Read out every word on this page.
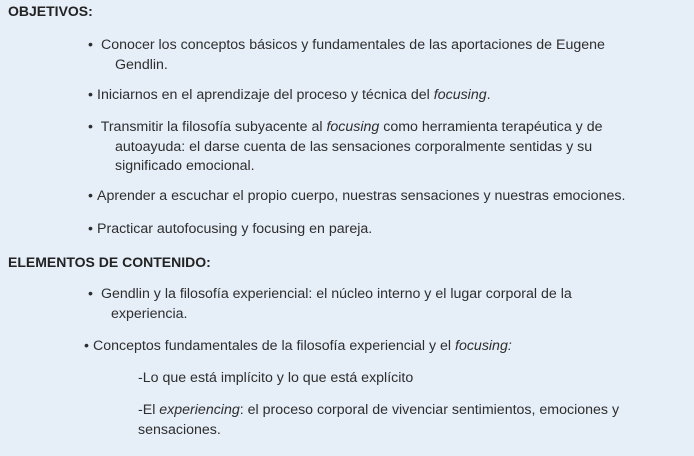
OBJETIVOS:
• Conocer los conceptos básicos y fundamentales de las aportaciones de Eugene
Gendlin.
• Iniciarnos en el aprendizaje del proceso y técnica del focusing.
• Transmitir la filosofía subyacente al focusing como herramienta terapéutica y de
autoayuda: el darse cuenta de las sensaciones corporalmente sentidas y su
significado emocional.
• Aprender a escuchar el propio cuerpo, nuestras sensaciones y nuestras emociones.
• Practicar autofocusing y focusing en pareja.
ELEMENTOS DE CONTENIDO:
• Gendlin y la filosofía experiencial: el núcleo interno y el lugar corporal de la
experiencia.
• Conceptos fundamentales de la filosofía experiencial y el focusing:
-Lo que está implícito y lo que está explícito
-El experiencing: el proceso corporal de vivenciar sentimientos, emociones y
sensaciones.
